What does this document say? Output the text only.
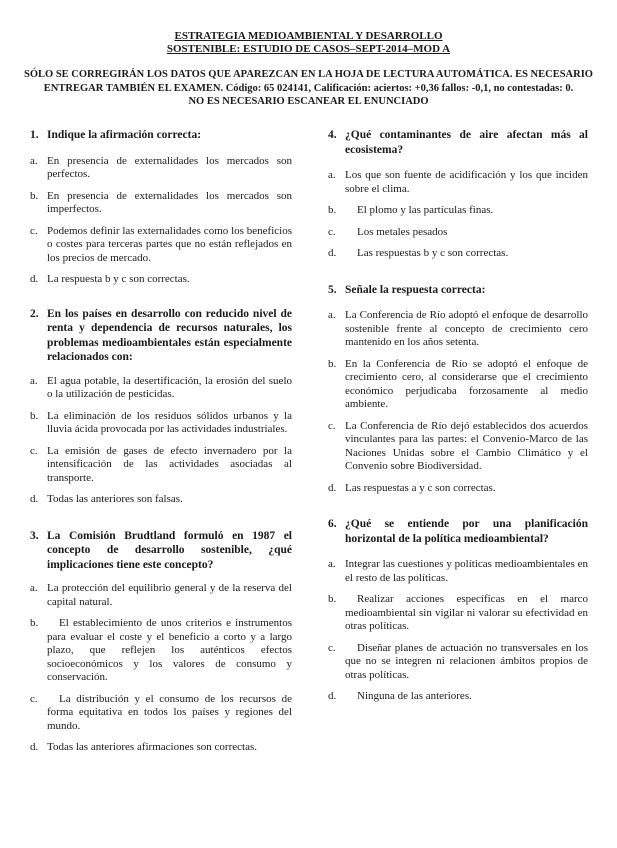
ESTRATEGIA MEDIOAMBIENTAL Y DESARROLLO
SOSTENIBLE: ESTUDIO DE CASOS–SEPT-2014–MOD A
SÓLO SE CORREGIRÁN LOS DATOS QUE APAREZCAN EN LA HOJA DE LECTURA AUTOMÁTICA. ES NECESARIO
ENTREGAR TAMBIÉN EL EXAMEN. Código: 65 024141, Calificación: aciertos: +0,36 fallos: -0,1, no contestadas: 0.
NO ES NECESARIO ESCANEAR EL ENUNCIADO
1. Indique la afirmación correcta:
a. En presencia de externalidades los mercados son perfectos.
b. En presencia de externalidades los mercados son imperfectos.
c. Podemos definir las externalidades como los beneficios o costes para terceras partes que no están reflejados en los precios de mercado.
d. La respuesta b y c son correctas.
2. En los países en desarrollo con reducido nivel de renta y dependencia de recursos naturales, los problemas medioambientales están especialmente relacionados con:
a. El agua potable, la desertificación, la erosión del suelo o la utilización de pesticidas.
b. La eliminación de los residuos sólidos urbanos y la lluvia ácida provocada por las actividades industriales.
c. La emisión de gases de efecto invernadero por la intensificación de las actividades asociadas al transporte.
d. Todas las anteriores son falsas.
3. La Comisión Brudtland formuló en 1987 el concepto de desarrollo sostenible, ¿qué implicaciones tiene este concepto?
a. La protección del equilibrio general y de la reserva del capital natural.
b.	El establecimiento de unos criterios e instrumentos para evaluar el coste y el beneficio a corto y a largo plazo, que reflejen los auténticos efectos socioeconómicos y los valores de consumo y conservación.
c.	La distribución y el consumo de los recursos de forma equitativa en todos los países y regiones del mundo.
d. Todas las anteriores afirmaciones son correctas.
4. ¿Qué contaminantes de aire afectan más al ecosistema?
a. Los que son fuente de acidificación y los que inciden sobre el clima.
b.	El plomo y las partículas finas.
c.	Los metales pesados
d.	Las respuestas b y c son correctas.
5. Señale la respuesta correcta:
a. La Conferencia de Río adoptó el enfoque de desarrollo sostenible frente al concepto de crecimiento cero mantenido en los años setenta.
b. En la Conferencia de Río se adoptó el enfoque de crecimiento cero, al considerarse que el crecimiento económico perjudicaba forzosamente al medio ambiente.
c. La Conferencia de Río dejó establecidos dos acuerdos vinculantes para las partes: el Convenio-Marco de las Naciones Unidas sobre el Cambio Climático y el Convenio sobre Biodiversidad.
d. Las respuestas a y c son correctas.
6. ¿Qué se entiende por una planificación horizontal de la política medioambiental?
a. Integrar las cuestiones y políticas medioambientales en el resto de las políticas.
b.	Realizar acciones específicas en el marco medioambiental sin vigilar ni valorar su efectividad en otras políticas.
c.	Diseñar planes de actuación no transversales en los que no se integren ni relacionen ámbitos propios de otras políticas.
d.	Ninguna de las anteriores.
